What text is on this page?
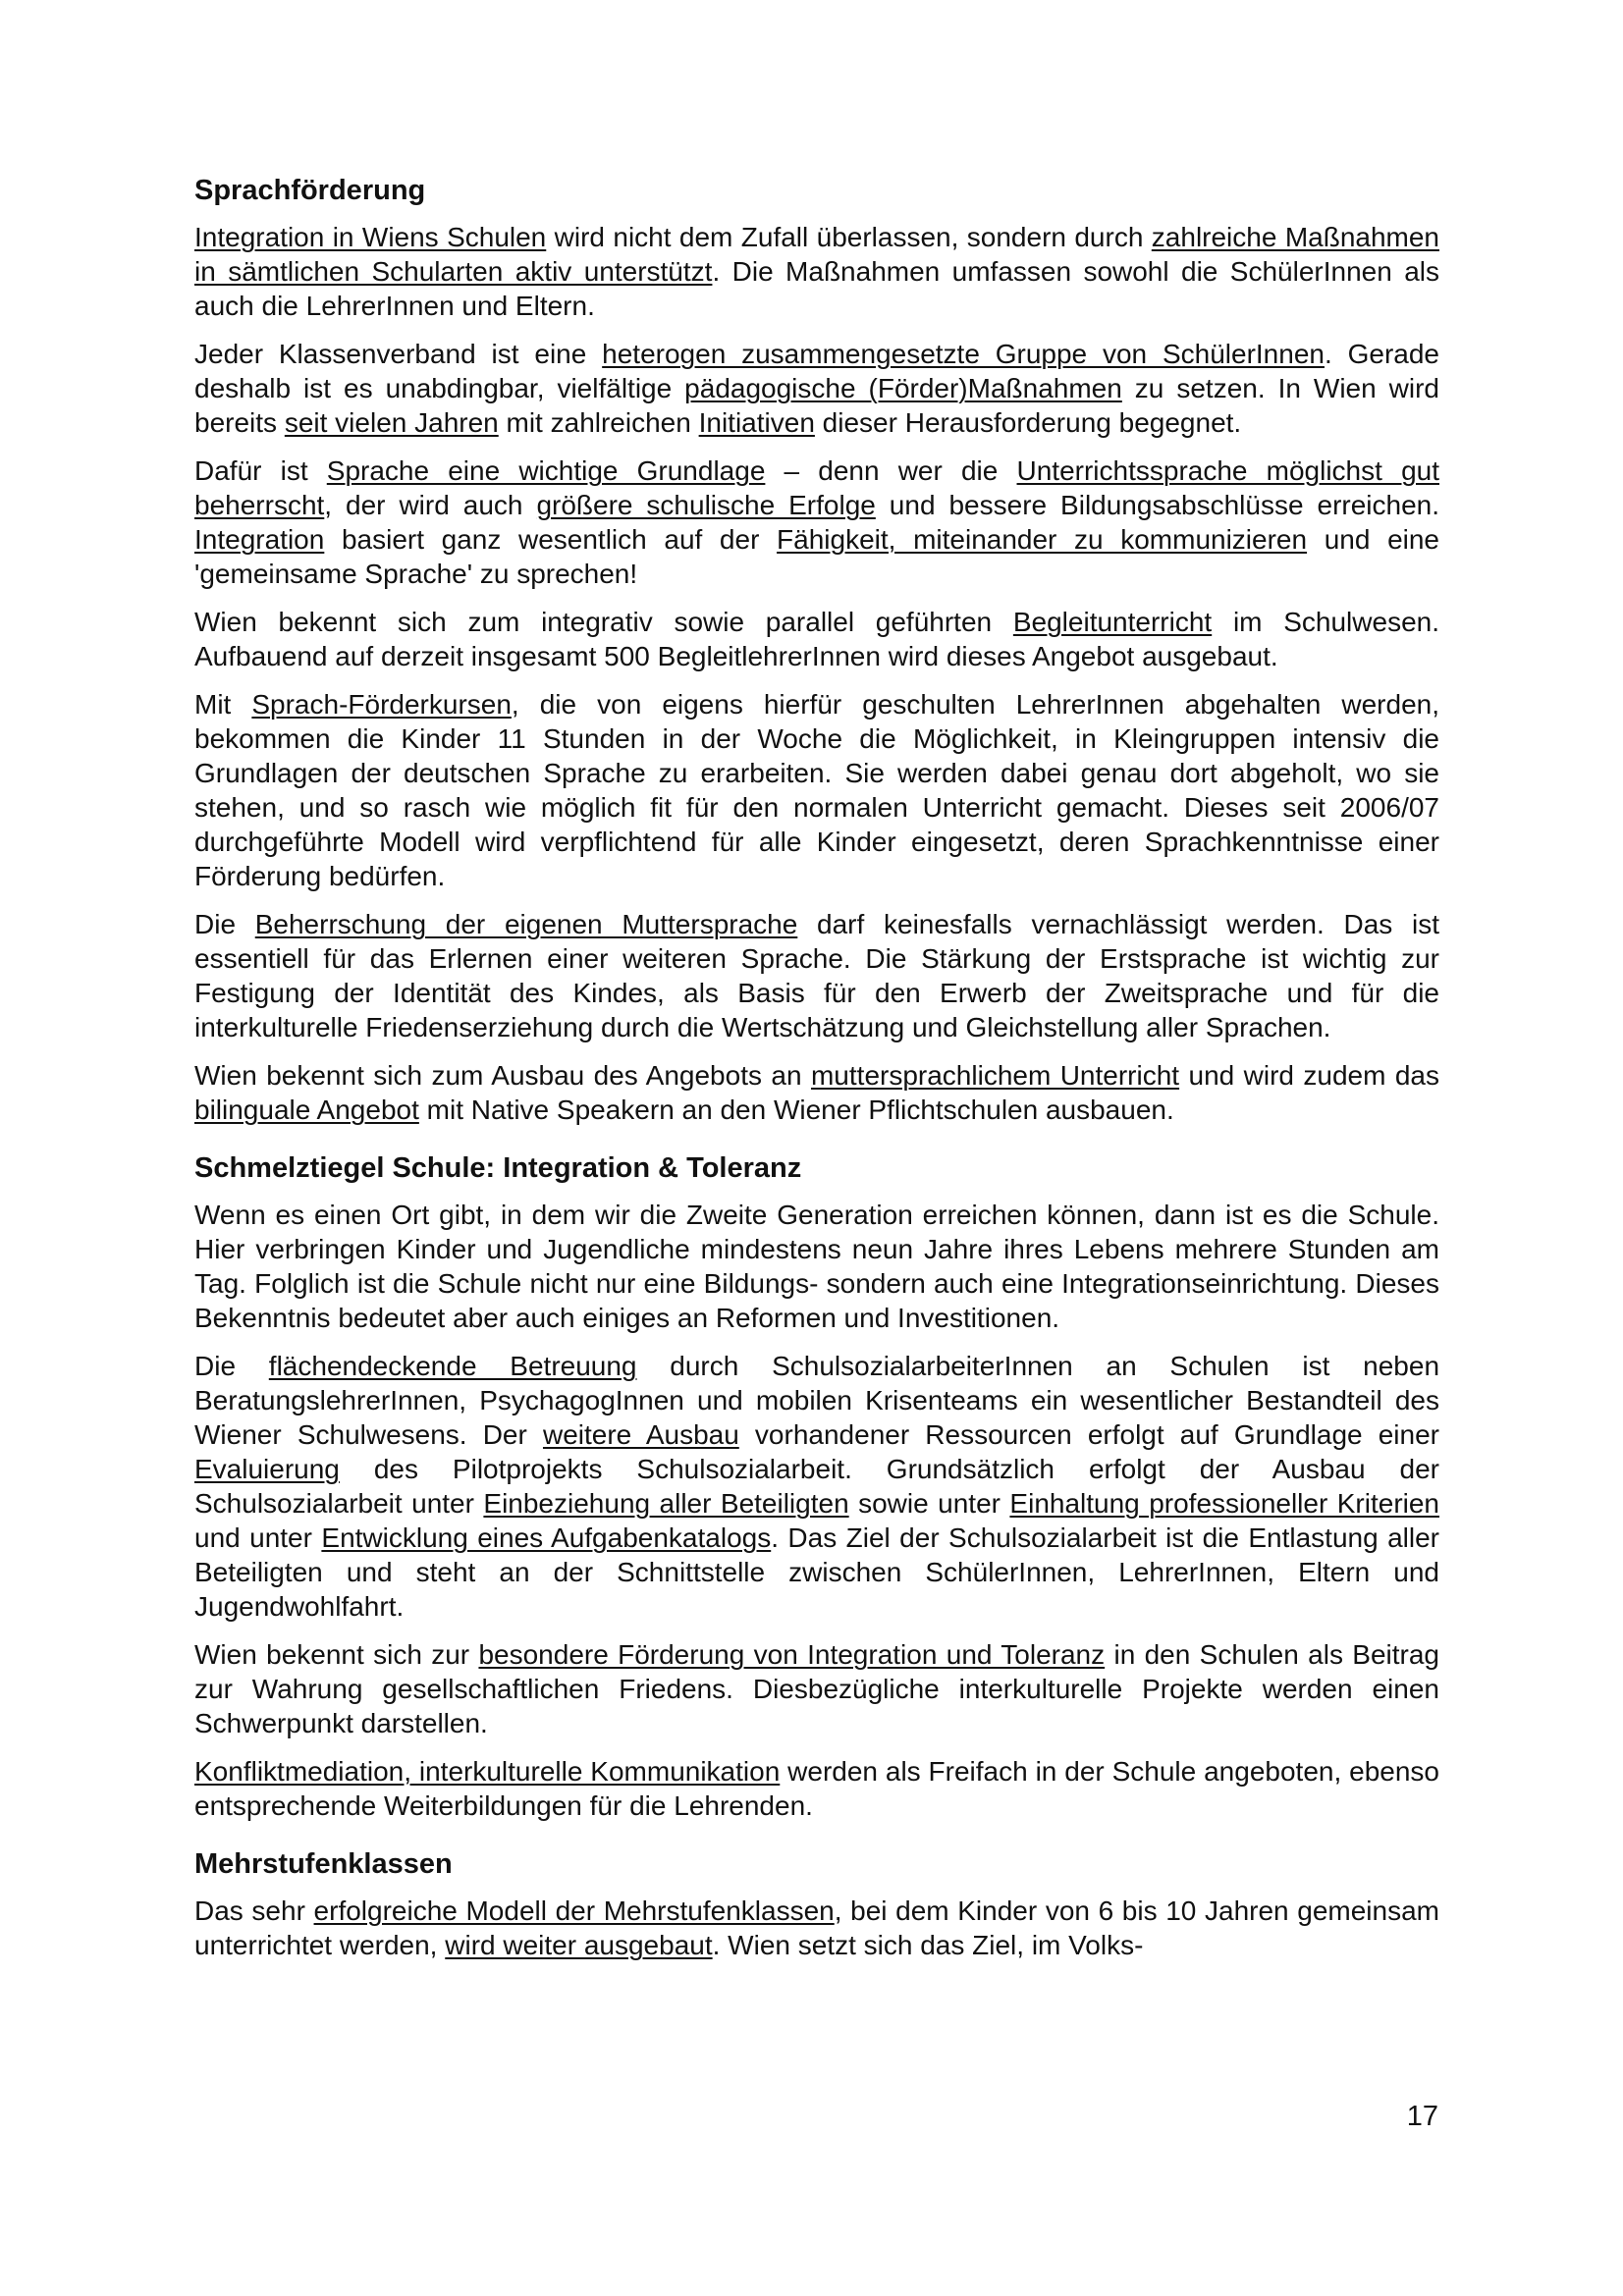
Sprachförderung

Integration in Wiens Schulen wird nicht dem Zufall überlassen, sondern durch zahlreiche Maßnahmen in sämtlichen Schularten aktiv unterstützt. Die Maßnahmen umfassen sowohl die SchülerInnen als auch die LehrerInnen und Eltern.

Jeder Klassenverband ist eine heterogen zusammengesetzte Gruppe von SchülerInnen. Gerade deshalb ist es unabdingbar, vielfältige pädagogische (Förder)Maßnahmen zu setzen. In Wien wird bereits seit vielen Jahren mit zahlreichen Initiativen dieser Herausforderung begegnet.

Dafür ist Sprache eine wichtige Grundlage – denn wer die Unterrichtssprache möglichst gut beherrscht, der wird auch größere schulische Erfolge und bessere Bildungsabschlüsse erreichen. Integration basiert ganz wesentlich auf der Fähigkeit, miteinander zu kommunizieren und eine 'gemeinsame Sprache' zu sprechen!

Wien bekennt sich zum integrativ sowie parallel geführten Begleitunterricht im Schulwesen. Aufbauend auf derzeit insgesamt 500 BegleitlehrerInnen wird dieses Angebot ausgebaut.

Mit Sprach-Förderkursen, die von eigens hierfür geschulten LehrerInnen abgehalten werden, bekommen die Kinder 11 Stunden in der Woche die Möglichkeit, in Kleingruppen intensiv die Grundlagen der deutschen Sprache zu erarbeiten. Sie werden dabei genau dort abgeholt, wo sie stehen, und so rasch wie möglich fit für den normalen Unterricht gemacht. Dieses seit 2006/07 durchgeführte Modell wird verpflichtend für alle Kinder eingesetzt, deren Sprachkenntnisse einer Förderung bedürfen.

Die Beherrschung der eigenen Muttersprache darf keinesfalls vernachlässigt werden. Das ist essentiell für das Erlernen einer weiteren Sprache. Die Stärkung der Erstsprache ist wichtig zur Festigung der Identität des Kindes, als Basis für den Erwerb der Zweitsprache und für die interkulturelle Friedenserziehung durch die Wertschätzung und Gleichstellung aller Sprachen.

Wien bekennt sich zum Ausbau des Angebots an muttersprachlichem Unterricht und wird zudem das bilinguale Angebot mit Native Speakern an den Wiener Pflichtschulen ausbauen.

Schmelztiegel Schule: Integration & Toleranz

Wenn es einen Ort gibt, in dem wir die Zweite Generation erreichen können, dann ist es die Schule. Hier verbringen Kinder und Jugendliche mindestens neun Jahre ihres Lebens mehrere Stunden am Tag. Folglich ist die Schule nicht nur eine Bildungs- sondern auch eine Integrationseinrichtung. Dieses Bekenntnis bedeutet aber auch einiges an Reformen und Investitionen.

Die flächendeckende Betreuung durch SchulsozialarbeiterInnen an Schulen ist neben BeratungslehrerInnen, PsychagogInnen und mobilen Krisenteams ein wesentlicher Bestandteil des Wiener Schulwesens. Der weitere Ausbau vorhandener Ressourcen erfolgt auf Grundlage einer Evaluierung des Pilotprojekts Schulsozialarbeit. Grundsätzlich erfolgt der Ausbau der Schulsozialarbeit unter Einbeziehung aller Beteiligten sowie unter Einhaltung professioneller Kriterien und unter Entwicklung eines Aufgabenkatalogs. Das Ziel der Schulsozialarbeit ist die Entlastung aller Beteiligten und steht an der Schnittstelle zwischen SchülerInnen, LehrerInnen, Eltern und Jugendwohlfahrt.

Wien bekennt sich zur besondere Förderung von Integration und Toleranz in den Schulen als Beitrag zur Wahrung gesellschaftlichen Friedens. Diesbezügliche interkulturelle Projekte werden einen Schwerpunkt darstellen.

Konfliktmediation, interkulturelle Kommunikation werden als Freifach in der Schule angeboten, ebenso entsprechende Weiterbildungen für die Lehrenden.

Mehrstufenklassen

Das sehr erfolgreiche Modell der Mehrstufenklassen, bei dem Kinder von 6 bis 10 Jahren gemeinsam unterrichtet werden, wird weiter ausgebaut. Wien setzt sich das Ziel, im Volks-

17
